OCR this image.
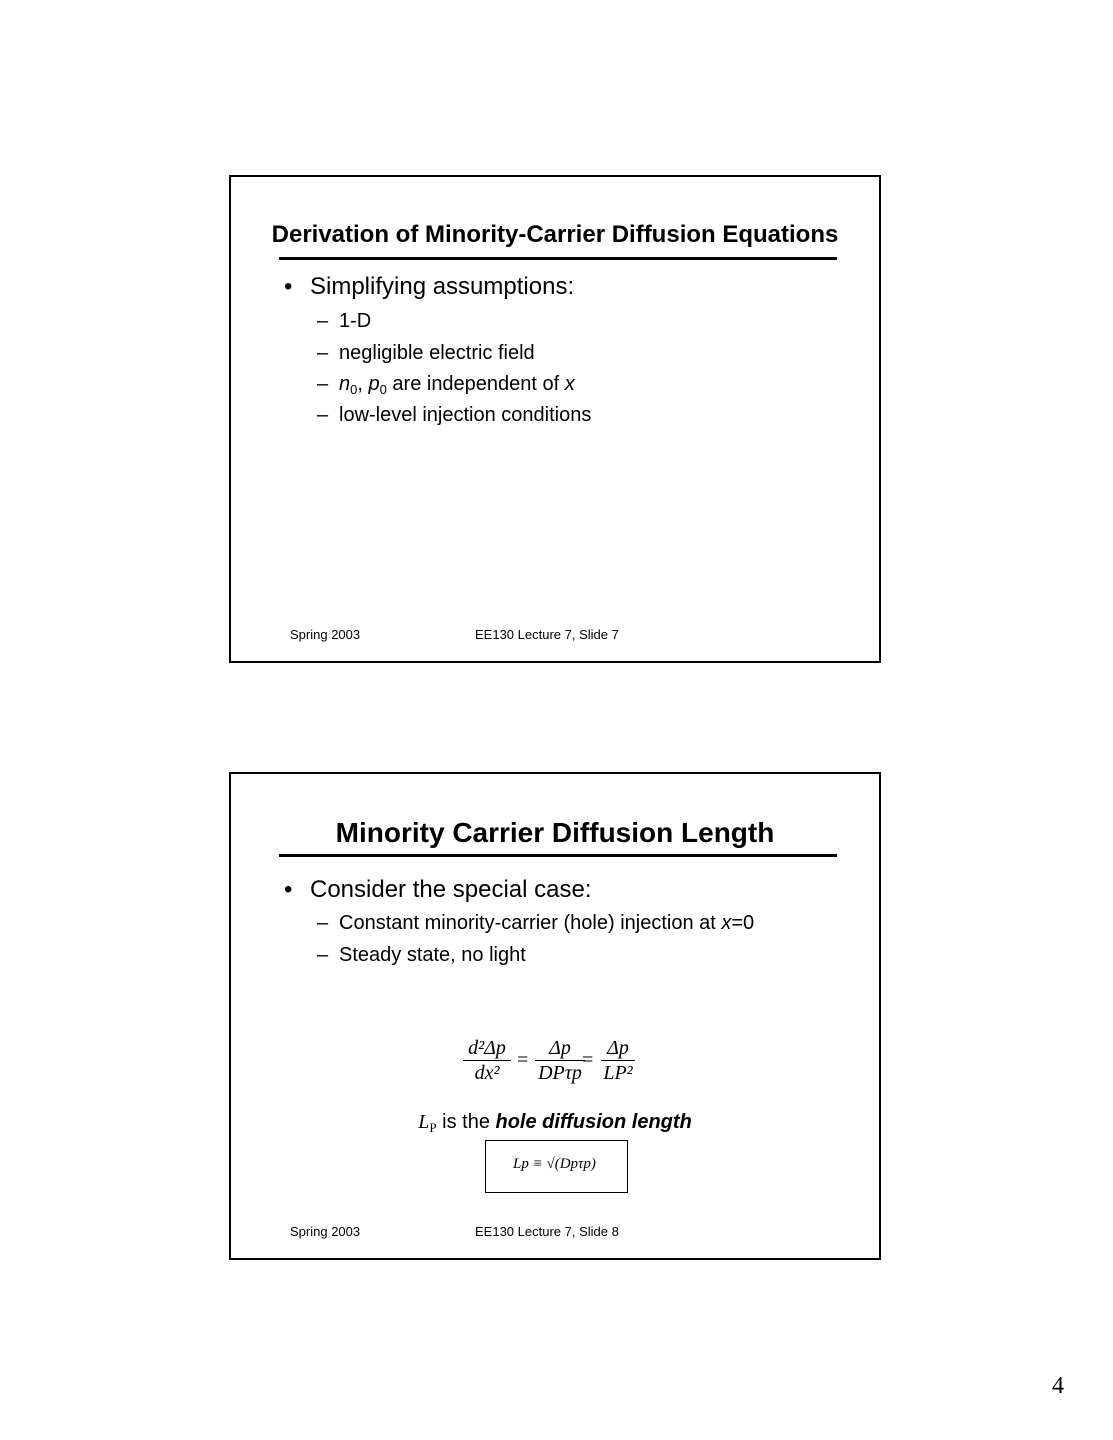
Derivation of Minority-Carrier Diffusion Equations
• Simplifying assumptions:
– 1-D
– negligible electric field
– $n_0$, $p_0$ are independent of x
– low-level injection conditions
Spring 2003	EE130 Lecture 7, Slide 7
Minority Carrier Diffusion Length
• Consider the special case:
– Constant minority-carrier (hole) injection at x=0
– Steady state, no light
d²Δp
dx²
=
Δp
DPτp
=
Δp
LP²
$L_P$ is the hole diffusion length
Lp ≡ √(Dpτp)
Spring 2003	EE130 Lecture 7, Slide 8
4
